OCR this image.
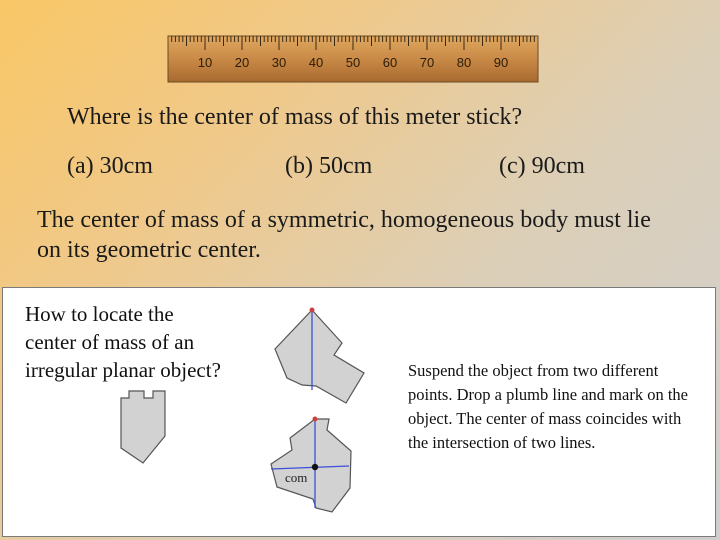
10 20 30 40 50 60 70 80 90
Where is the center of mass of this meter stick?
(a) 30cm	(b) 50cm	(c) 90cm
The center of mass of a symmetric, homogeneous body must lie on its geometric center.
How to locate the center of mass of an irregular planar object?
com
Suspend the object from two different points. Drop a plumb line and mark on the object. The center of mass coincides with the intersection of two lines.
